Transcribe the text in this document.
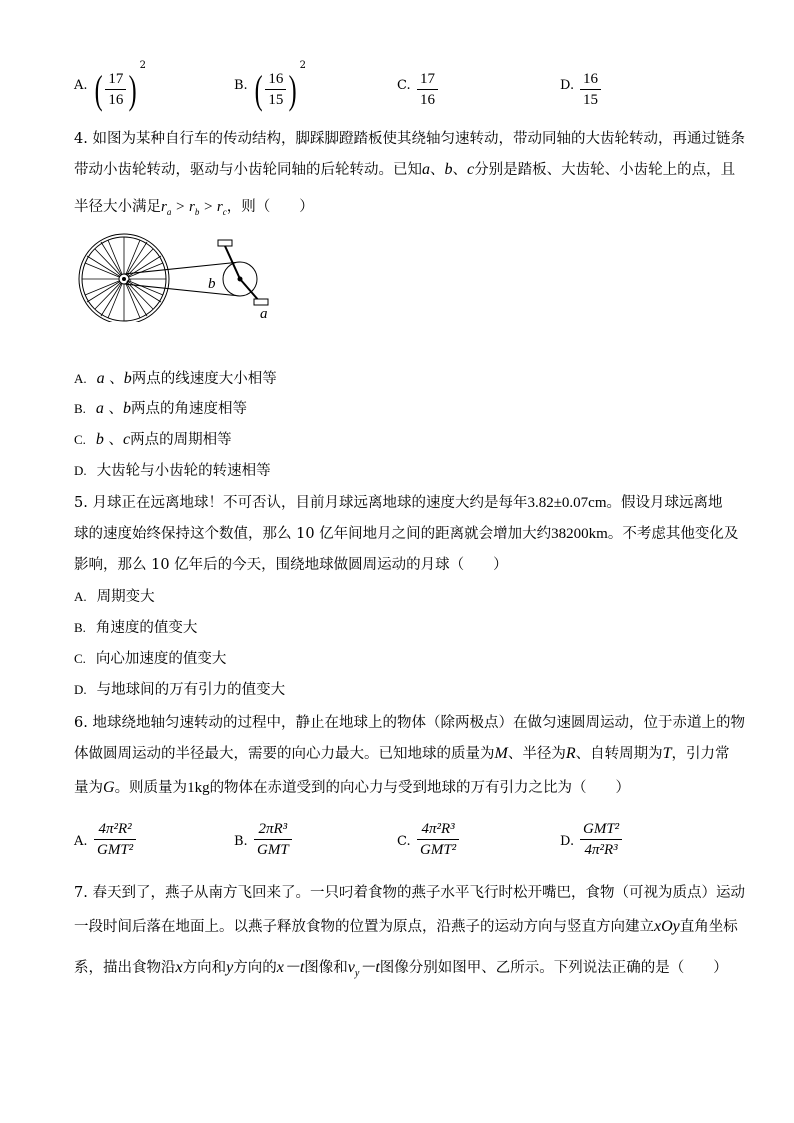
A. ( $\frac{17}{16} )^2$
B. ( $\frac{16}{15} )^2$
C. $\frac{17}{16}$	D. $\frac{16}{15}$
4. 如图为某种自行车的传动结构，脚踩脚蹬踏板使其绕轴匀速转动，带动同轴的大齿轮转动，再通过链条
带动小齿轮转动，驱动与小齿轮同轴的后轮转动。已知a、b、c分别是踏板、大齿轮、小齿轮上的点，且
半径大小满足$r_a > r_b > r_c$，则（　　）
c	b
a
A. a 、b两点的线速度大小相等
B. a 、b两点的角速度相等
C. b 、c两点的周期相等
D. 大齿轮与小齿轮的转速相等
5. 月球正在远离地球！不可否认，目前月球远离地球的速度大约是每年3.82±0.07cm。假设月球远离地
球的速度始终保持这个数值，那么 10 亿年间地月之间的距离就会增加大约38200km。不考虑其他变化及
影响，那么 10 亿年后的今天，围绕地球做圆周运动的月球（　　）
A. 周期变大
B. 角速度的值变大
C. 向心加速度的值变大
D. 与地球间的万有引力的值变大
6. 地球绕地轴匀速转动的过程中，静止在地球上的物体（除两极点）在做匀速圆周运动，位于赤道上的物
体做圆周运动的半径最大，需要的向心力最大。已知地球的质量为M、半径为R、自转周期为T，引力常
量为G。则质量为1kg的物体在赤道受到的向心力与受到地球的万有引力之比为（　　）
A.
4π²R²
GMT²
B.
2πR³
GMT
C.
4π²R³
GMT²
D.
GMT²
4π²R³
7. 春天到了，燕子从南方飞回来了。一只叼着食物的燕子水平飞行时松开嘴巴，食物（可视为质点）运动
一段时间后落在地面上。以燕子释放食物的位置为原点，沿燕子的运动方向与竖直方向建立xOy直角坐标
系，描出食物沿x方向和y方向的x－t图像和$v_y-t$图像分别如图甲、乙所示。下列说法正确的是（　　）
